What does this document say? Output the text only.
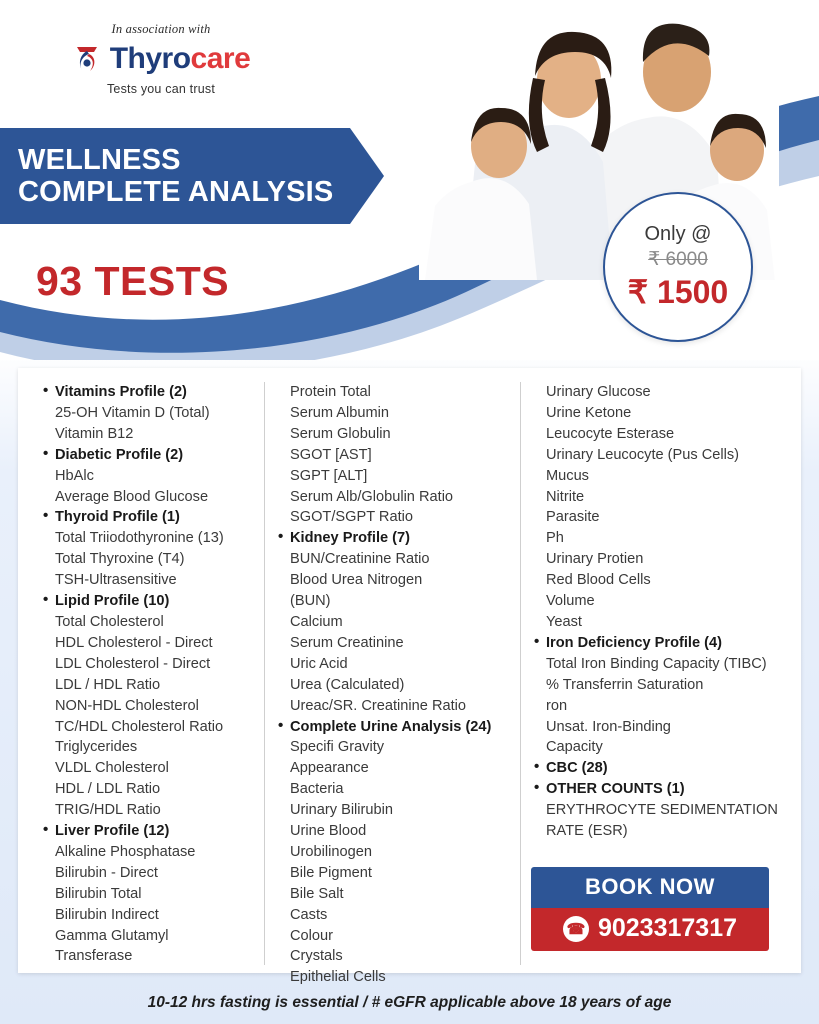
In association with
Thyrocare
Tests you can trust
WELLNESS COMPLETE ANALYSIS
93 TESTS
Only @
₹ 6000
₹ 1500
• Vitamins Profile (2)
25-OH Vitamin D (Total)
Vitamin B12
• Diabetic Profile (2)
HbAlc
Average Blood Glucose
• Thyroid Profile (1)
Total Triiodothyronine (13)
Total Thyroxine (T4)
TSH-Ultrasensitive
• Lipid Profile (10)
Total Cholesterol
HDL Cholesterol - Direct
LDL Cholesterol - Direct
LDL / HDL Ratio
NON-HDL Cholesterol
TC/HDL Cholesterol Ratio
Triglycerides
VLDL Cholesterol
HDL / LDL Ratio
TRIG/HDL Ratio
• Liver Profile (12)
Alkaline Phosphatase
Bilirubin - Direct
Bilirubin Total
Bilirubin Indirect
Gamma Glutamyl
Transferase
Protein Total
Serum Albumin
Serum Globulin
SGOT [AST]
SGPT [ALT]
Serum Alb/Globulin Ratio
SGOT/SGPT Ratio
• Kidney Profile (7)
BUN/Creatinine Ratio
Blood Urea Nitrogen
(BUN)
Calcium
Serum Creatinine
Uric Acid
Urea (Calculated)
Ureac/SR. Creatinine Ratio
• Complete Urine Analysis (24)
Specifi Gravity
Appearance
Bacteria
Urinary Bilirubin
Urine Blood
Urobilinogen
Bile Pigment
Bile Salt
Casts
Colour
Crystals
Epithelial Cells
Urinary Glucose
Urine Ketone
Leucocyte Esterase
Urinary Leucocyte (Pus Cells)
Mucus
Nitrite
Parasite
Ph
Urinary Protien
Red Blood Cells
Volume
Yeast
• Iron Deficiency Profile (4)
Total Iron Binding Capacity (TIBC)
% Transferrin Saturation
ron
Unsat. Iron-Binding
Capacity
• CBC (28)
• OTHER COUNTS (1)
ERYTHROCYTE SEDIMENTATION
RATE (ESR)
BOOK NOW
☎ 9023317317
10-12 hrs fasting is essential / # eGFR applicable above 18 years of age
